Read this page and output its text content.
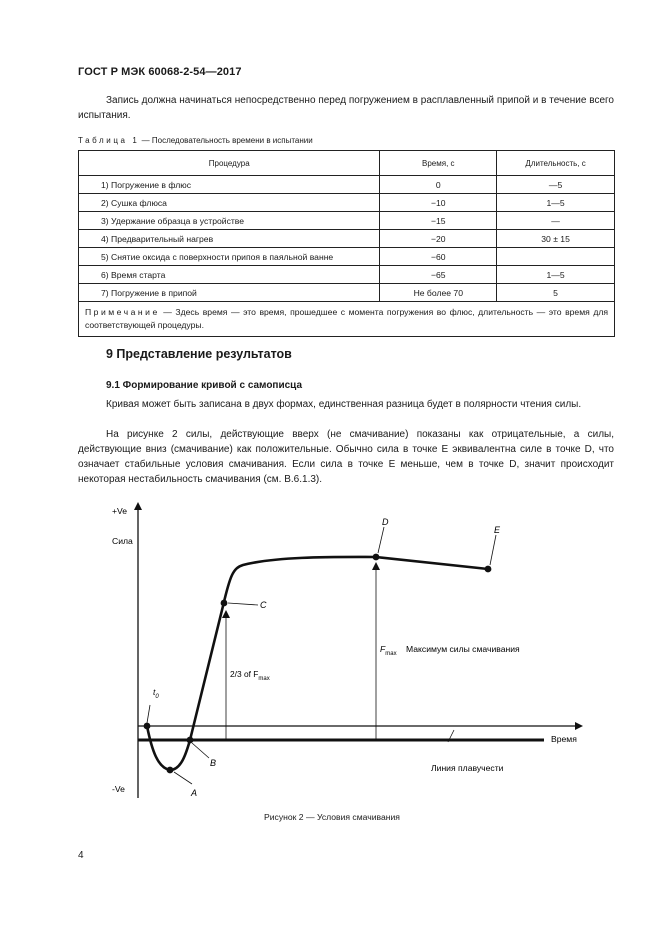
ГОСТ Р МЭК 60068-2-54—2017
Запись должна начинаться непосредственно перед погружением в расплавленный припой и в течение всего испытания.
Таблица 1 — Последовательность времени в испытании
Процедура	Время, с	Длительность, с
1) Погружение в флюс	0	—5
2) Сушка флюса	−10	1—5
3) Удержание образца в устройстве	−15	—
4) Предварительный нагрев	−20	30 ± 15
5) Снятие оксида с поверхности припоя в паяльной ванне	−60	
6) Время старта	−65	1—5
7) Погружение в припой	Не более 70	5
Примечание — Здесь время — это время, прошедшее с момента погружения во флюс, длительность — это время для соответствующей процедуры.		
9 Представление результатов
9.1 Формирование кривой с самописца
Кривая может быть записана в двух формах, единственная разница будет в полярности чтения силы.
На рисунке 2 силы, действующие вверх (не смачивание) показаны как отрицательные, а силы, действующие вниз (смачивание) как положительные. Обычно сила в точке E эквивалентна силе в точке D, что означает стабильные условия смачивания. Если сила в точке E меньше, чем в точке D, значит происходит некоторая нестабильность смачивания (см. В.6.1.3).
+Ve
Сила
-Ve
Время
Линия плавучести
$t_0$
A
B
C
D
E
2/3 of $F_{max}$
$F_{max}$ Максимум силы смачивания
Рисунок 2 — Условия смачивания
4
